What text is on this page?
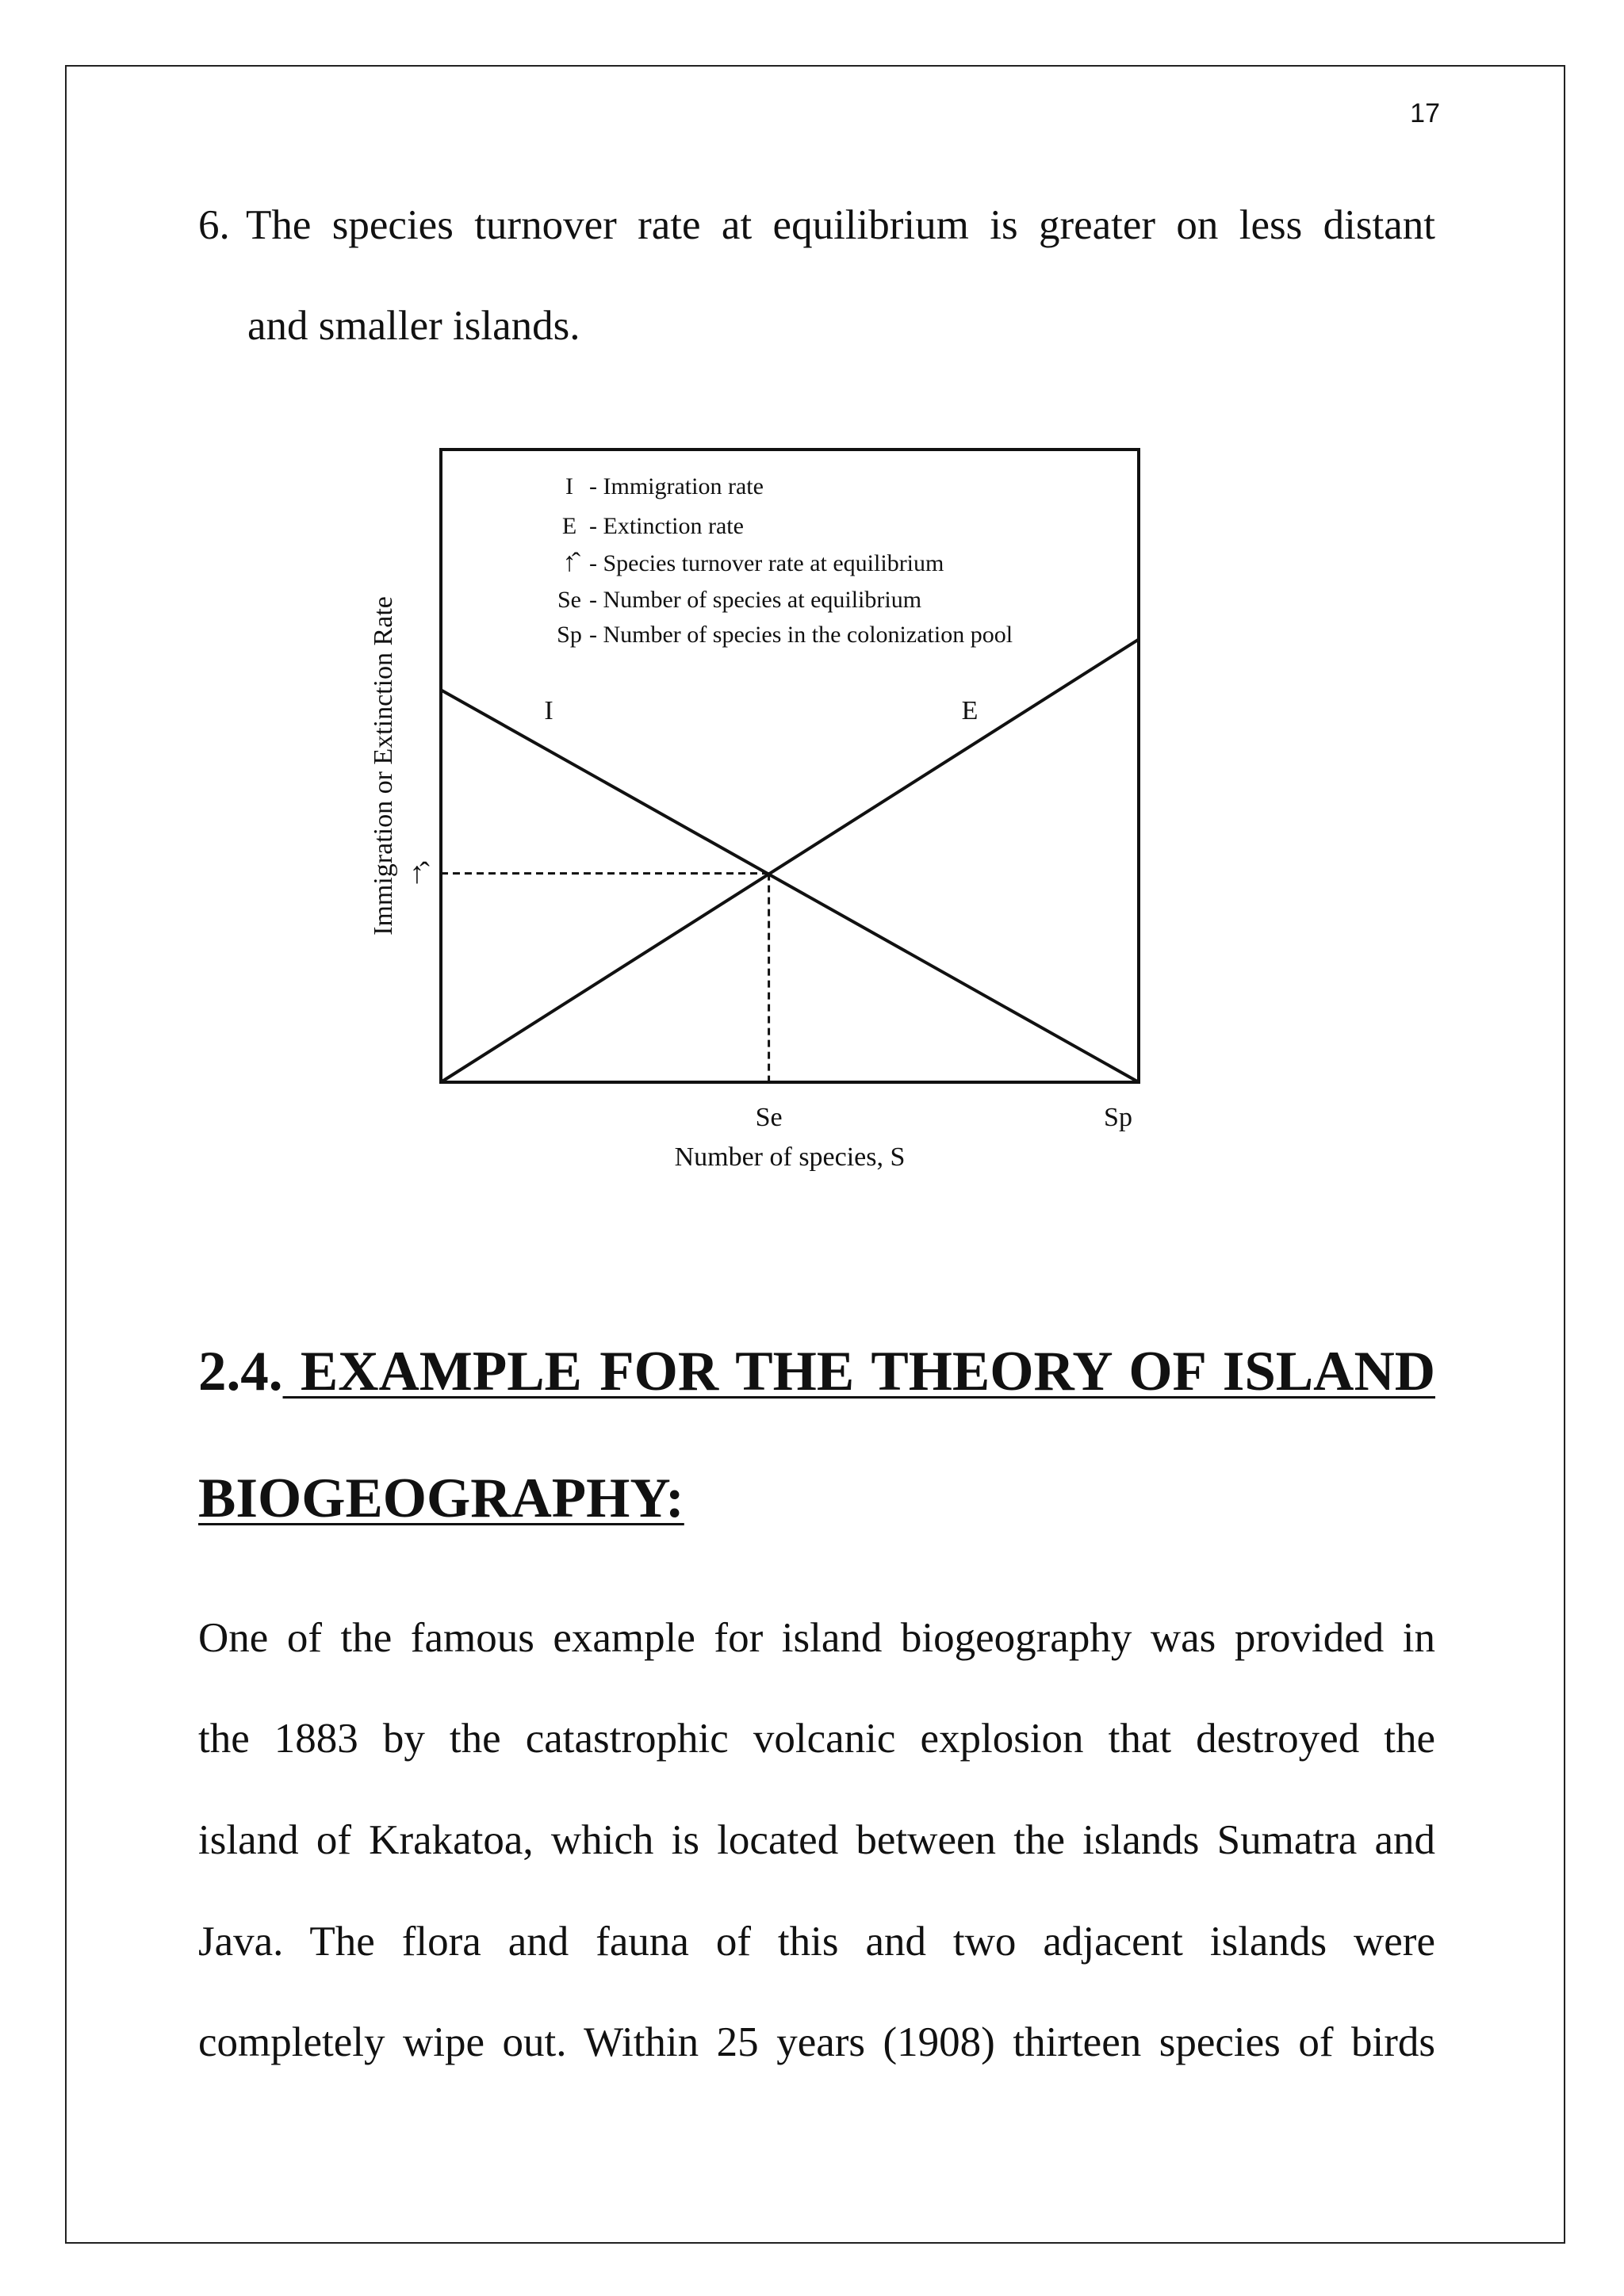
17

6. The species turnover rate at equilibrium is greater on less distant

and smaller islands.

I - Immigration rate
E - Extinction rate
↑̂ - Species turnover rate at equilibrium
Se - Number of species at equilibrium
Sp - Number of species in the colonization pool
I	E
Immigration or Extinction Rate ↑̂
Se	Sp
Number of species, S
2.4. EXAMPLE FOR THE THEORY OF ISLAND
BIOGEOGRAPHY:

One of the famous example for island biogeography was provided in

the 1883 by the catastrophic volcanic explosion that destroyed the

island of Krakatoa, which is located between the islands Sumatra and

Java. The flora and fauna of this and two adjacent islands were

completely wipe out. Within 25 years (1908) thirteen species of birds
